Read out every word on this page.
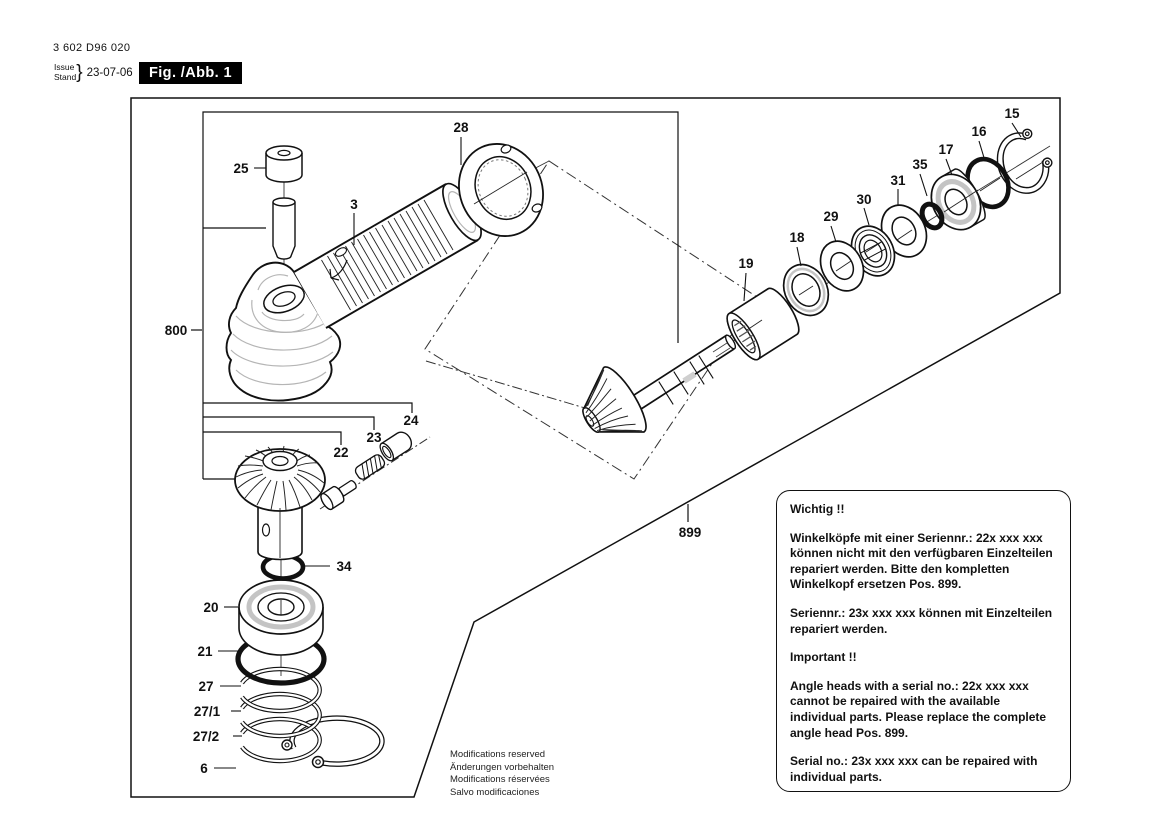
3 602 D96 020
Issue
Stand } 23-07-06	Fig. /Abb. 1
25
3
28
19
18
29
30
31
35
17
16
15
800
24
23
22
34
20
21
27
27/1
27/2
6
899

Wichtig !!

Winkelköpfe mit einer Seriennr.: 22x xxx xxx können nicht mit den verfügbaren Einzelteilen repariert werden. Bitte den kompletten Winkelkopf ersetzen Pos. 899.

Seriennr.: 23x xxx xxx können mit Einzelteilen repariert werden.

Important !!

Angle heads with a serial no.: 22x xxx xxx cannot be repaired with the available individual parts. Please replace the complete angle head Pos. 899.

Serial no.: 23x xxx xxx can be repaired with individual parts.

Modifications reserved
Änderungen vorbehalten
Modifications réservées
Salvo modificaciones
